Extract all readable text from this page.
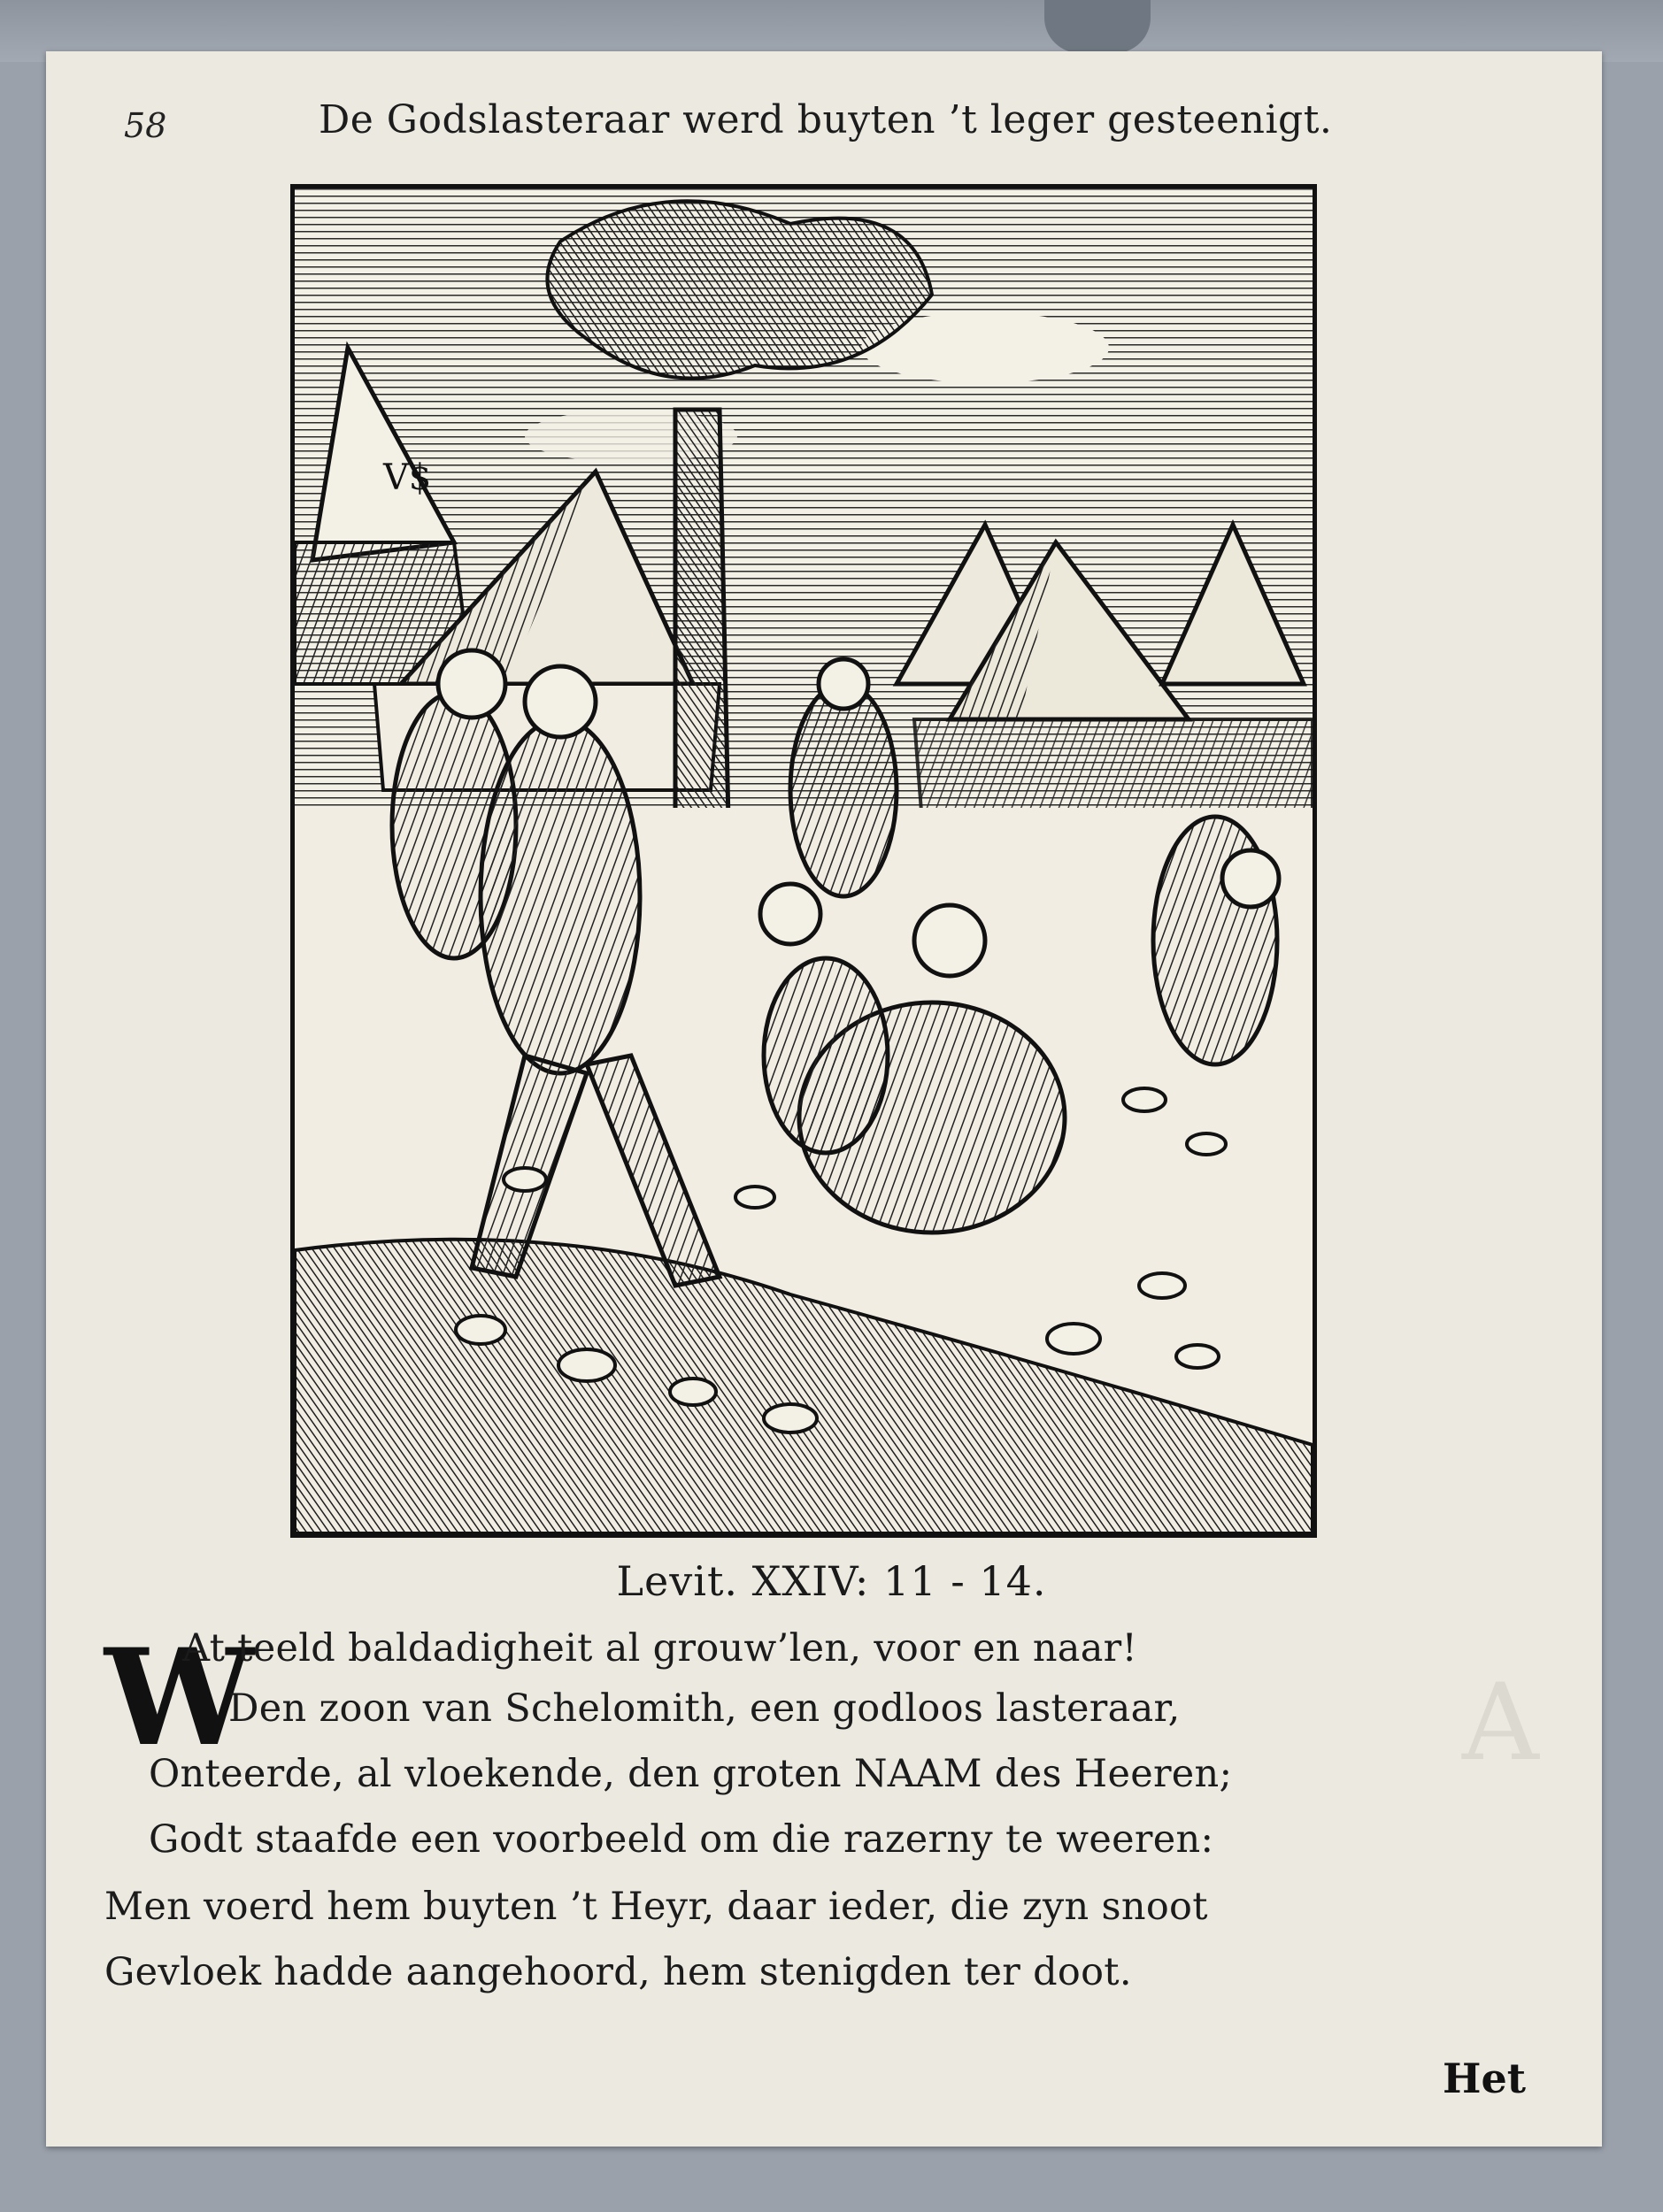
A
58	De Godslasteraar werd buyten ’t leger gesteenigt.
V$
Levit. XXIV: 11 - 14.
W
At teeld baldadigheit al grouw’len, voor en naar!
Den zoon van Schelomith, een godloos lasteraar,
Onteerde, al vloekende, den groten NAAM des Heeren;
Godt staafde een voorbeeld om die razerny te weeren:
Men voerd hem buyten ’t Heyr, daar ieder, die zyn snoot
Gevloek hadde aangehoord, hem stenigden ter doot.
Het
